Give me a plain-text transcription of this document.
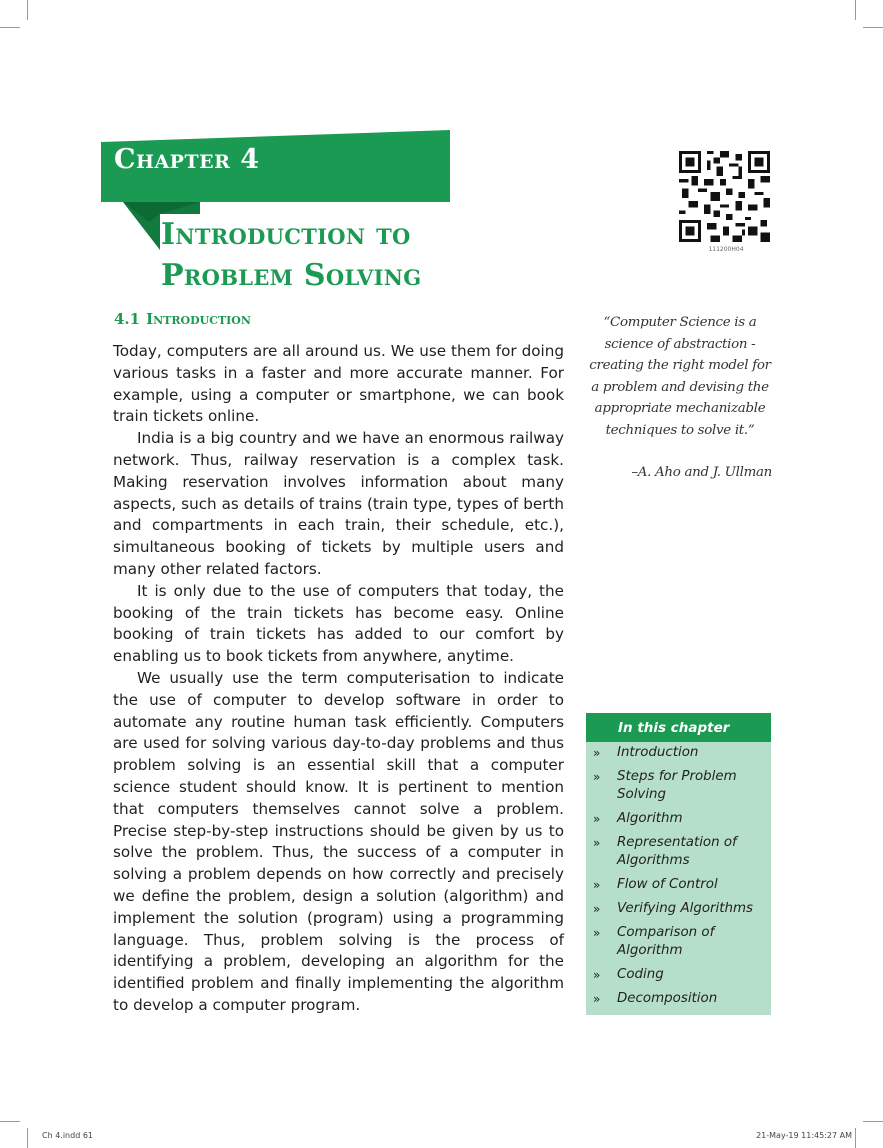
Chapter 4
Introduction to
Problem Solving
111200H04
4.1 Introduction

Today, computers are all around us. We use them for doing various tasks in a faster and more accurate manner. For example, using a computer or smartphone, we can book train tickets online.

India is a big country and we have an enormous railway network. Thus, railway reservation is a complex task. Making reservation involves information about many aspects, such as details of trains (train type, types of berth and compartments in each train, their schedule, etc.), simultaneous booking of tickets by multiple users and many other related factors.

It is only due to the use of computers that today, the booking of the train tickets has become easy. Online booking of train tickets has added to our comfort by enabling us to book tickets from anywhere, anytime.

We usually use the term computerisation to indicate the use of computer to develop software in order to automate any routine human task efficiently. Computers are used for solving various day-to-day problems and thus problem solving is an essential skill that a computer science student should know. It is pertinent to mention that computers themselves cannot solve a problem. Precise step-by-step instructions should be given by us to solve the problem. Thus, the success of a computer in solving a problem depends on how correctly and precisely we define the problem, design a solution (algorithm) and implement the solution (program) using a programming language. Thus, problem solving is the process of identifying a problem, developing an algorithm for the identified problem and finally implementing the algorithm to develop a computer program.

“Computer Science is a science of abstraction -creating the right model for a problem and devising the appropriate mechanizable techniques to solve it.”
–A. Aho and J. Ullman
In this chapter
» Introduction
» Steps for Problem Solving
» Algorithm
» Representation of Algorithms
» Flow of Control
» Verifying Algorithms
» Comparison of Algorithm
» Coding
» Decomposition
Ch 4.indd 61	21-May-19 11:45:27 AM
